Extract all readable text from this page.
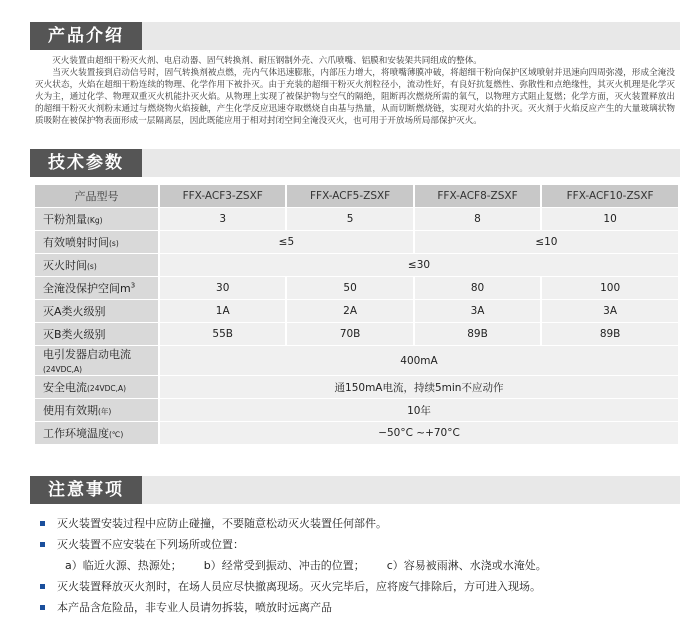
产品介绍

灭火装置由超细干粉灭火剂、电启动器、固气转换剂、耐压钢制外壳、六爪喷嘴、铝膜和安装架共同组成的整体。

当灭火装置接到启动信号时，固气转换剂被点燃，壳内气体迅速膨胀，内部压力增大，将喷嘴薄膜冲破，将超细干粉向保护区域喷射并迅速向四周弥漫，形成全淹没灭火状态，火焰在超细干粉连续的物理、化学作用下被扑灭。由于充装的超细干粉灭火剂粒径小，流动性好，有良好抗复燃性、弥散性和点绝缘性，其灭火机理是化学灭火为主，通过化学、物理双重灭火机能扑灭火焰。从物理上实现了被保护物与空气的隔绝，阻断再次燃烧所需的氧气，以物理方式阻止复燃；化学方面，灭火装置释放出的超细干粉灭火剂粉末通过与燃烧物火焰接触，产生化学反应迅速夺取燃烧自由基与热量，从而切断燃烧链，实现对火焰的扑灭。灭火剂于火焰反应产生的大量玻璃状物质吸附在被保护物表面形成一层隔离层，因此既能应用于相对封闭空间全淹没灭火，也可用于开放场所局部保护灭火。

技术参数
产品型号	FFX-ACF3-ZSXF	FFX-ACF5-ZSXF	FFX-ACF8-ZSXF	FFX-ACF10-ZSXF
干粉剂量(Kg)	3	5	8	10
有效喷射时间(s)	≤5		≤10	
灭火时间(s)	≤30			
全淹没保护空间$m^3$	30	50	80	100
灭A类火级别	1A	2A	3A	3A
灭B类火级别	55B	70B	89B	89B
电引发器启动电流(24VDC,A)	400mA			
安全电流(24VDC,A)	通150mA电流，持续5min不应动作			
使用有效期(年)	10年			
工作环境温度(℃)	−50°C ~+70°C			
注意事项
灭火装置安装过程中应防止碰撞，不要随意松动灭火装置任何部件。
灭火装置不应安装在下列场所或位置：
a）临近火源、热源处； b）经常受到振动、冲击的位置； c）容易被雨淋、水浇或水淹处。
灭火装置释放灭火剂时，在场人员应尽快撤离现场。灭火完毕后，应将废气排除后，方可进入现场。
本产品含危险品，非专业人员请勿拆装，喷放时远离产品
